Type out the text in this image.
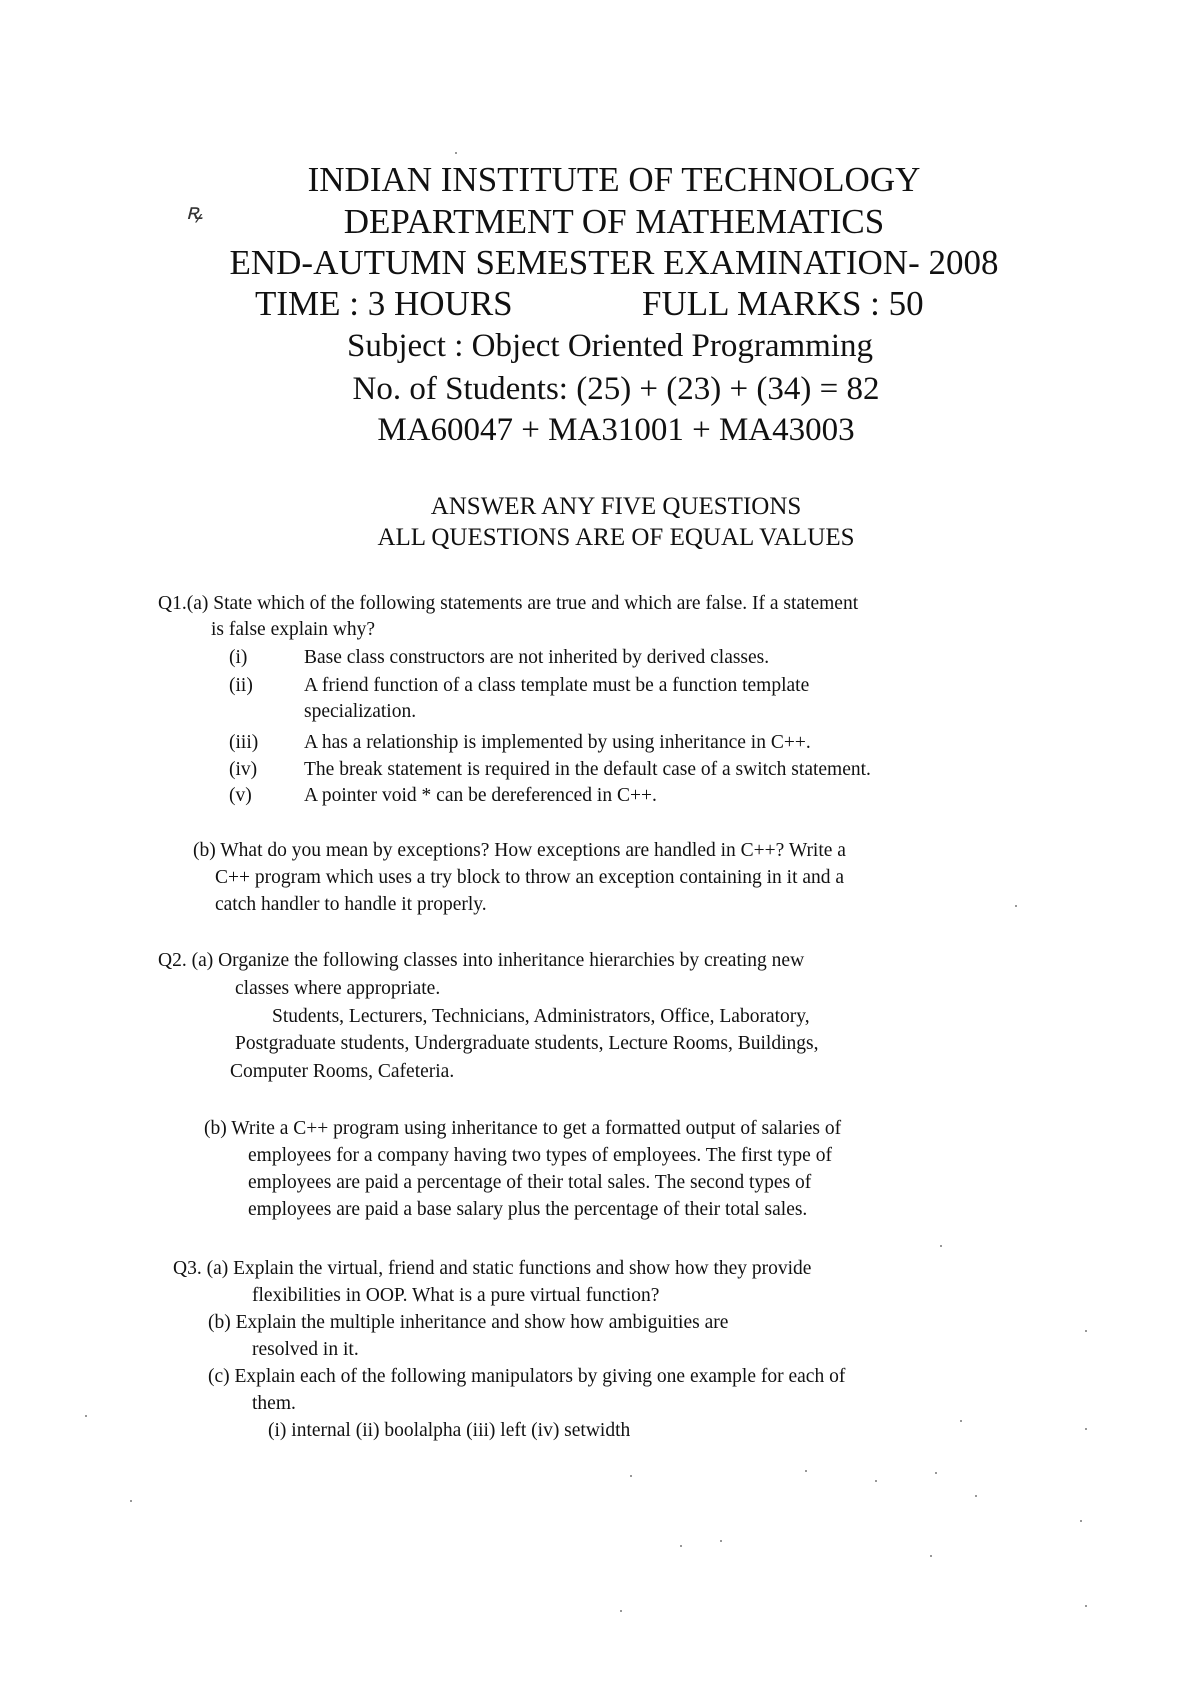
ꝶ
INDIAN INSTITUTE OF TECHNOLOGY
DEPARTMENT OF MATHEMATICS
END-AUTUMN SEMESTER EXAMINATION- 2008
TIME : 3 HOURS	FULL MARKS : 50
Subject : Object Oriented Programming
No. of Students: (25) + (23) + (34) = 82
MA60047 + MA31001 + MA43003
ANSWER ANY FIVE QUESTIONS
ALL QUESTIONS ARE OF EQUAL VALUES
Q1.(a) State which of the following statements are true and which are false. If a statement
is false explain why?
(i)	Base class constructors are not inherited by derived classes.
(ii)	A friend function of a class template must be a function template
specialization.
(iii) A has a relationship is implemented by using inheritance in C++.
(iv) The break statement is required in the default case of a switch statement.
(v)	A pointer void * can be dereferenced in C++.
(b) What do you mean by exceptions? How exceptions are handled in C++? Write a
C++ program which uses a try block to throw an exception containing in it and a
catch handler to handle it properly.
Q2. (a) Organize the following classes into inheritance hierarchies by creating new
classes where appropriate.
Students, Lecturers, Technicians, Administrators, Office, Laboratory,
Postgraduate students, Undergraduate students, Lecture Rooms, Buildings,
Computer Rooms, Cafeteria.
(b) Write a C++ program using inheritance to get a formatted output of salaries of
employees for a company having two types of employees. The first type of
employees are paid a percentage of their total sales. The second types of
employees are paid a base salary plus the percentage of their total sales.
Q3. (a) Explain the virtual, friend and static functions and show how they provide
flexibilities in OOP. What is a pure virtual function?
(b) Explain the multiple inheritance and show how ambiguities are
resolved in it.
(c) Explain each of the following manipulators by giving one example for each of
them.
(i) internal (ii) boolalpha (iii) left (iv) setwidth
